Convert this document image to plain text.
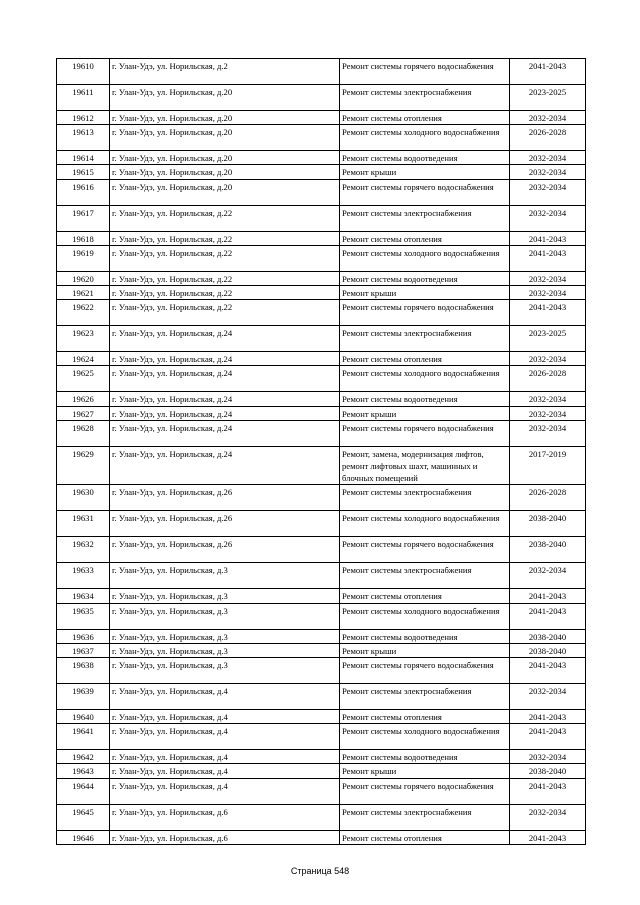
19610	г. Улан-Удэ, ул. Норильская, д.2	Ремонт системы горячего водоснабжения	2041-2043
19611	г. Улан-Удэ, ул. Норильская, д.20	Ремонт системы электроснабжения	2023-2025
19612	г. Улан-Удэ, ул. Норильская, д.20	Ремонт системы отопления	2032-2034
19613	г. Улан-Удэ, ул. Норильская, д.20	Ремонт системы холодного водоснабжения	2026-2028
19614	г. Улан-Удэ, ул. Норильская, д.20	Ремонт системы водоотведения	2032-2034
19615	г. Улан-Удэ, ул. Норильская, д.20	Ремонт крыши	2032-2034
19616	г. Улан-Удэ, ул. Норильская, д.20	Ремонт системы горячего водоснабжения	2032-2034
19617	г. Улан-Удэ, ул. Норильская, д.22	Ремонт системы электроснабжения	2032-2034
19618	г. Улан-Удэ, ул. Норильская, д.22	Ремонт системы отопления	2041-2043
19619	г. Улан-Удэ, ул. Норильская, д.22	Ремонт системы холодного водоснабжения	2041-2043
19620	г. Улан-Удэ, ул. Норильская, д.22	Ремонт системы водоотведения	2032-2034
19621	г. Улан-Удэ, ул. Норильская, д.22	Ремонт крыши	2032-2034
19622	г. Улан-Удэ, ул. Норильская, д.22	Ремонт системы горячего водоснабжения	2041-2043
19623	г. Улан-Удэ, ул. Норильская, д.24	Ремонт системы электроснабжения	2023-2025
19624	г. Улан-Удэ, ул. Норильская, д.24	Ремонт системы отопления	2032-2034
19625	г. Улан-Удэ, ул. Норильская, д.24	Ремонт системы холодного водоснабжения	2026-2028
19626	г. Улан-Удэ, ул. Норильская, д.24	Ремонт системы водоотведения	2032-2034
19627	г. Улан-Удэ, ул. Норильская, д.24	Ремонт крыши	2032-2034
19628	г. Улан-Удэ, ул. Норильская, д.24	Ремонт системы горячего водоснабжения	2032-2034
19629	г. Улан-Удэ, ул. Норильская, д.24	Ремонт, замена, модернизация лифтов, ремонт лифтовых шахт, машинных и блочных помещений	2017-2019
19630	г. Улан-Удэ, ул. Норильская, д.26	Ремонт системы электроснабжения	2026-2028
19631	г. Улан-Удэ, ул. Норильская, д.26	Ремонт системы холодного водоснабжения	2038-2040
19632	г. Улан-Удэ, ул. Норильская, д.26	Ремонт системы горячего водоснабжения	2038-2040
19633	г. Улан-Удэ, ул. Норильская, д.3	Ремонт системы электроснабжения	2032-2034
19634	г. Улан-Удэ, ул. Норильская, д.3	Ремонт системы отопления	2041-2043
19635	г. Улан-Удэ, ул. Норильская, д.3	Ремонт системы холодного водоснабжения	2041-2043
19636	г. Улан-Удэ, ул. Норильская, д.3	Ремонт системы водоотведения	2038-2040
19637	г. Улан-Удэ, ул. Норильская, д.3	Ремонт крыши	2038-2040
19638	г. Улан-Удэ, ул. Норильская, д.3	Ремонт системы горячего водоснабжения	2041-2043
19639	г. Улан-Удэ, ул. Норильская, д.4	Ремонт системы электроснабжения	2032-2034
19640	г. Улан-Удэ, ул. Норильская, д.4	Ремонт системы отопления	2041-2043
19641	г. Улан-Удэ, ул. Норильская, д.4	Ремонт системы холодного водоснабжения	2041-2043
19642	г. Улан-Удэ, ул. Норильская, д.4	Ремонт системы водоотведения	2032-2034
19643	г. Улан-Удэ, ул. Норильская, д.4	Ремонт крыши	2038-2040
19644	г. Улан-Удэ, ул. Норильская, д.4	Ремонт системы горячего водоснабжения	2041-2043
19645	г. Улан-Удэ, ул. Норильская, д.6	Ремонт системы электроснабжения	2032-2034
19646	г. Улан-Удэ, ул. Норильская, д.6	Ремонт системы отопления	2041-2043
Страница 548
